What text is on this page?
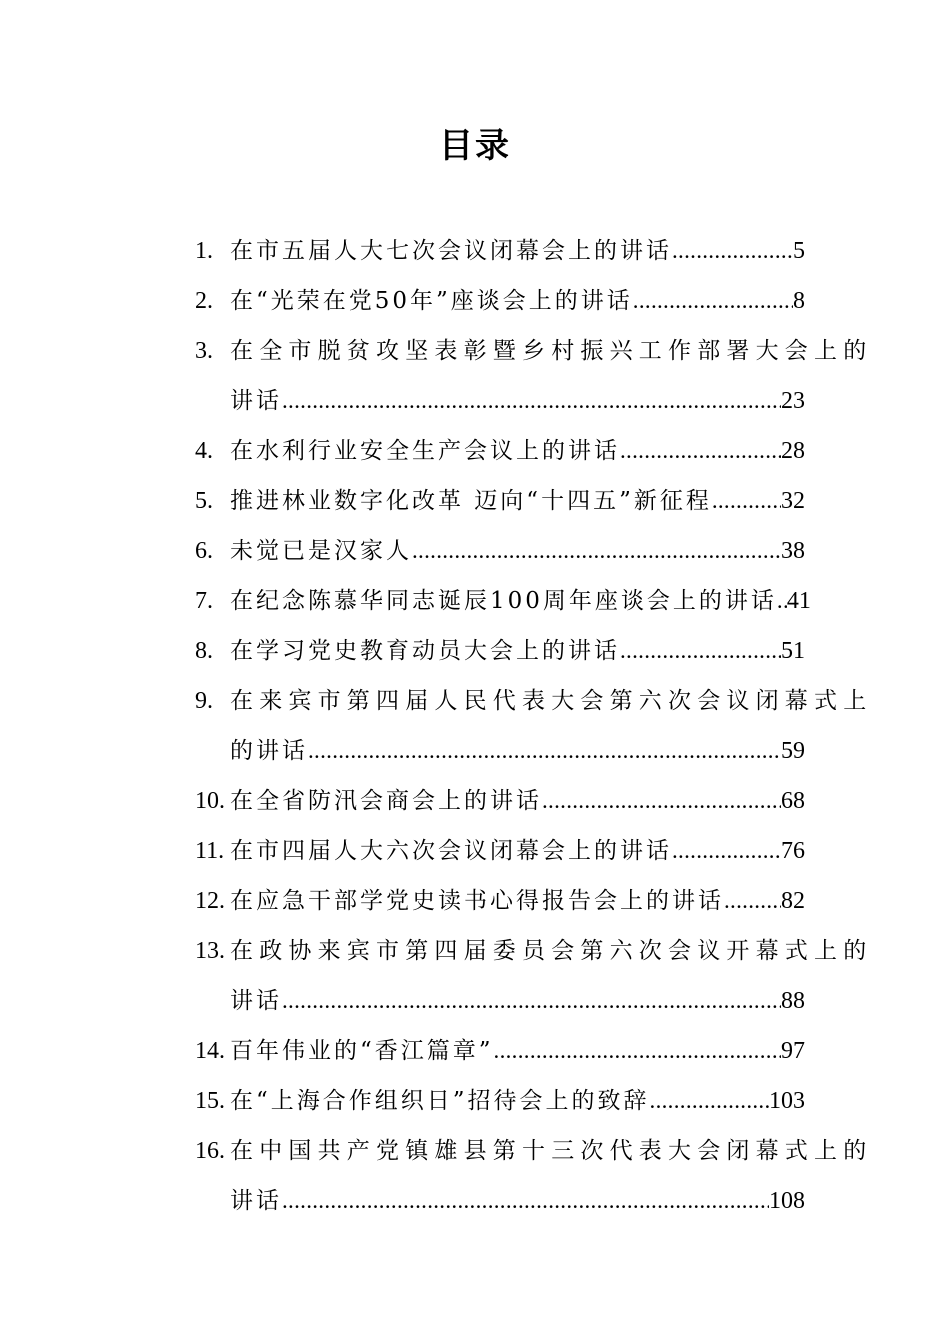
目录
1. 在市五届人大七次会议闭幕会上的讲话 .....	5
2. 在“光荣在党50年”座谈会上的讲话 .....	8
3. 在全市脱贫攻坚表彰暨乡村振兴工作部署大会上的
讲话 .....	23
4. 在水利行业安全生产会议上的讲话 .....	28
5. 推进林业数字化改革 迈向“十四五”新征程 .....	32
6. 未觉已是汉家人 .....	38
7. 在纪念陈慕华同志诞辰100周年座谈会上的讲话 ..... 41
8. 在学习党史教育动员大会上的讲话 .....	51
9. 在来宾市第四届人民代表大会第六次会议闭幕式上
的讲话 .....	59
10. 在全省防汛会商会上的讲话 .....	68
11. 在市四届人大六次会议闭幕会上的讲话 .....	76
12. 在应急干部学党史读书心得报告会上的讲话 ..... 82
13. 在政协来宾市第四届委员会第六次会议开幕式上的
讲话 .....	88
14. 百年伟业的“香江篇章” .....	97
15. 在“上海合作组织日”招待会上的致辞 .....	103
16. 在中国共产党镇雄县第十三次代表大会闭幕式上的
讲话 .....	108
